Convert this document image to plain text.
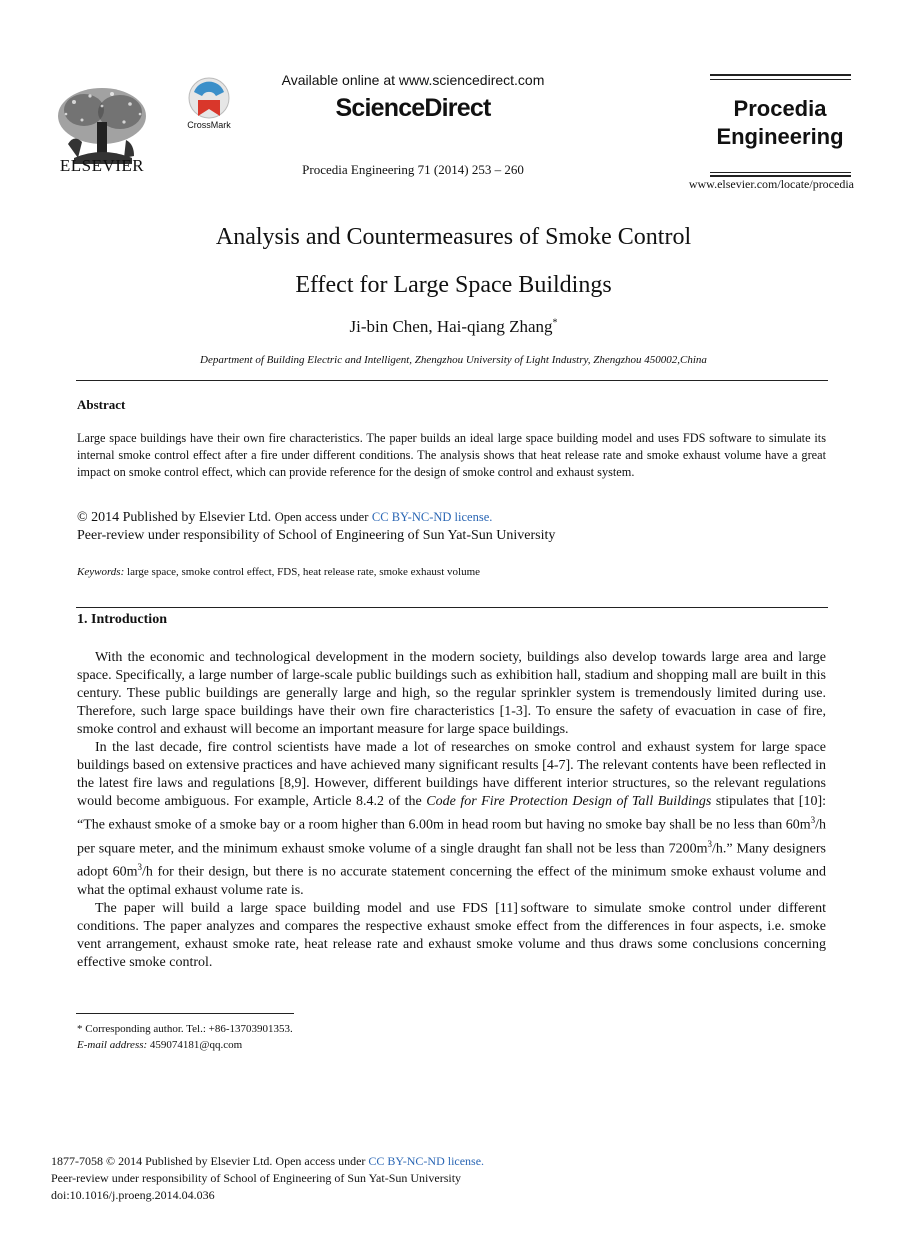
ELSEVIER
CrossMark
Available online at www.sciencedirect.com
ScienceDirect
Procedia Engineering 71 (2014) 253 – 260
Procedia
Engineering
www.elsevier.com/locate/procedia
Analysis and Countermeasures of Smoke Control
Effect for Large Space Buildings
Ji-bin Chen, Hai-qiang Zhang*
Department of Building Electric and Intelligent, Zhengzhou University of Light Industry, Zhengzhou 450002,China
Abstract
Large space buildings have their own fire characteristics. The paper builds an ideal large space building model and uses FDS software to simulate its internal smoke control effect after a fire under different conditions. The analysis shows that heat release rate and smoke exhaust volume have a great impact on smoke control effect, which can provide reference for the design of smoke control and exhaust system.
© 2014 Published by Elsevier Ltd. Open access under CC BY-NC-ND license.
Peer-review under responsibility of School of Engineering of Sun Yat-Sun University
Keywords: large space, smoke control effect, FDS, heat release rate, smoke exhaust volume
1. Introduction

With the economic and technological development in the modern society, buildings also develop towards large area and large space. Specifically, a large number of large-scale public buildings such as exhibition hall, stadium and shopping mall are built in this century. These public buildings are generally large and high, so the regular sprinkler system is tremendously limited during use. Therefore, such large space buildings have their own fire characteristics [1-3]. To ensure the safety of evacuation in case of fire, smoke control and exhaust will become an important measure for large space buildings.

In the last decade, fire control scientists have made a lot of researches on smoke control and exhaust system for large space buildings based on extensive practices and have achieved many significant results [4-7]. The relevant contents have been reflected in the latest fire laws and regulations [8,9]. However, different buildings have different interior structures, so the relevant regulations would become ambiguous. For example, Article 8.4.2 of the Code for Fire Protection Design of Tall Buildings stipulates that [10]: “The exhaust smoke of a smoke bay or a room higher than 6.00m in head room but having no smoke bay shall be no less than $60m^3/h$ per square meter, and the minimum exhaust smoke volume of a single draught fan shall not be less than $7200m^3/h$.” Many designers adopt $60m^3/h$ for their design, but there is no accurate statement concerning the effect of the minimum smoke exhaust volume and what the optimal exhaust volume rate is.

The paper will build a large space building model and use FDS [11] software to simulate smoke control under different conditions. The paper analyzes and compares the respective exhaust smoke effect from the differences in four aspects, i.e. smoke vent arrangement, exhaust smoke rate, heat release rate and exhaust smoke volume and thus draws some conclusions concerning effective smoke control.

* Corresponding author. Tel.: +86-13703901353.
E-mail address: 459074181@qq.com
1877-7058 © 2014 Published by Elsevier Ltd. Open access under CC BY-NC-ND license.
Peer-review under responsibility of School of Engineering of Sun Yat-Sun University
doi:10.1016/j.proeng.2014.04.036
